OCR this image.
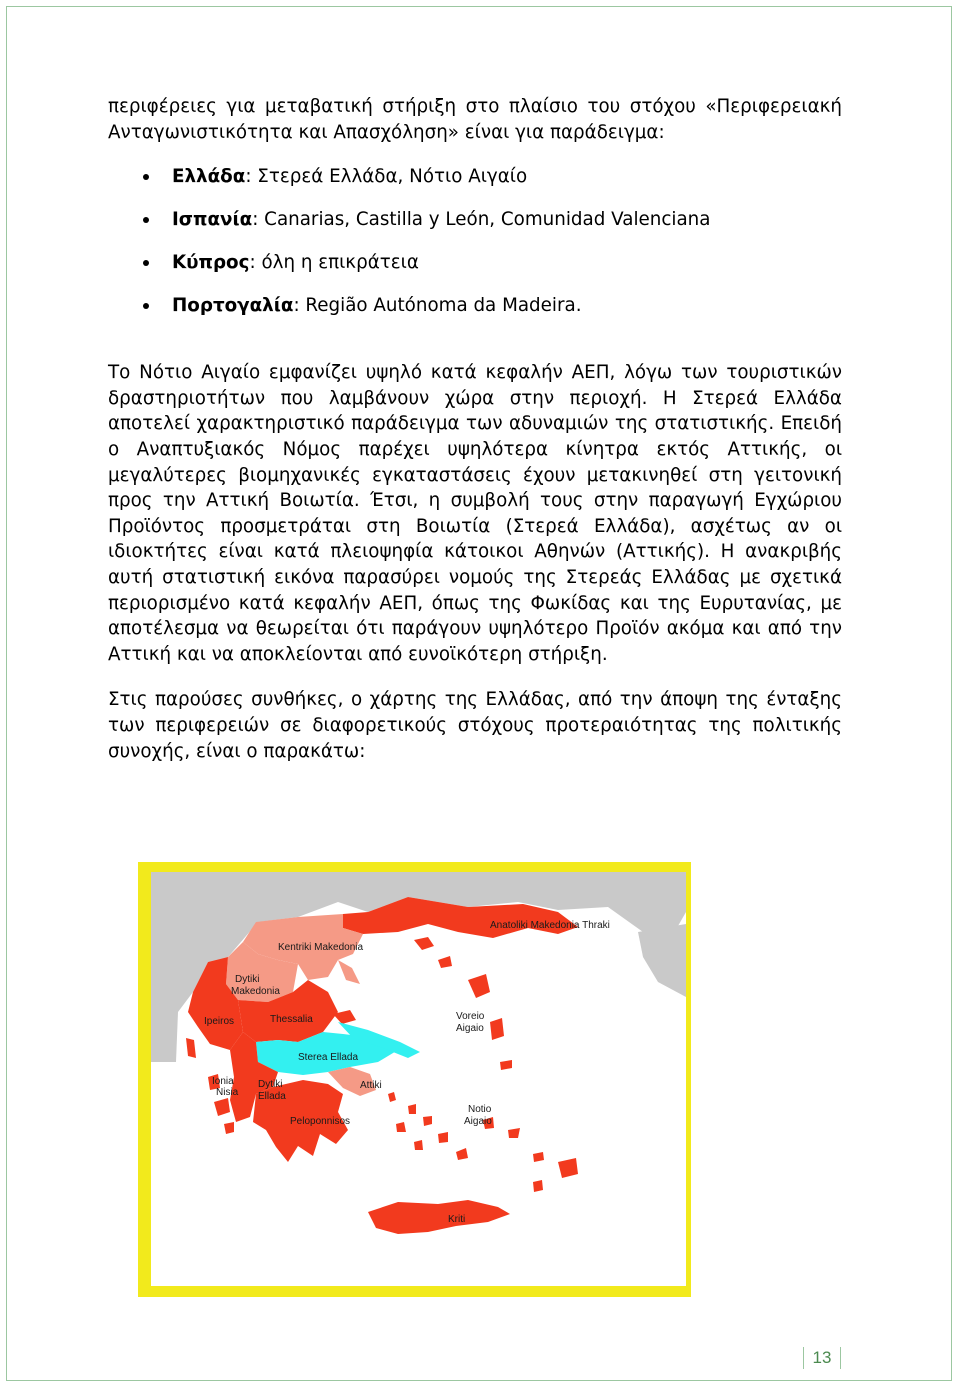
περιφέρειες για μεταβατική στήριξη στο πλαίσιο του στόχου «Περιφερειακή Ανταγωνιστικότητα και Απασχόληση» είναι για παράδειγμα:

Ελλάδα: Στερεά Ελλάδα, Νότιο Αιγαίο
Ισπανία: Canarias, Castilla y León, Comunidad Valenciana
Κύπρος: όλη η επικράτεια
Πορτογαλία: Região Autónoma da Madeira.

Το Νότιο Αιγαίο εμφανίζει υψηλό κατά κεφαλήν ΑΕΠ, λόγω των τουριστικών δραστηριοτήτων που λαμβάνουν χώρα στην περιοχή. Η Στερεά Ελλάδα αποτελεί χαρακτηριστικό παράδειγμα των αδυναμιών της στατιστικής. Επειδή ο Αναπτυξιακός Νόμος παρέχει υψηλότερα κίνητρα εκτός Αττικής, οι μεγαλύτερες βιομηχανικές εγκαταστάσεις έχουν μετακινηθεί στη γειτονική προς την Αττική Βοιωτία. Έτσι, η συμβολή τους στην παραγωγή Εγχώριου Προϊόντος προσμετράται στη Βοιωτία (Στερεά Ελλάδα), ασχέτως αν οι ιδιοκτήτες είναι κατά πλειοψηφία κάτοικοι Αθηνών (Αττικής). Η ανακριβής αυτή στατιστική εικόνα παρασύρει νομούς της Στερεάς Ελλάδας με σχετικά περιορισμένο κατά κεφαλήν ΑΕΠ, όπως της Φωκίδας και της Ευρυτανίας, με αποτέλεσμα να θεωρείται ότι παράγουν υψηλότερο Προϊόν ακόμα και από την Αττική και να αποκλείονται από ευνοϊκότερη στήριξη.

Στις παρούσες συνθήκες, ο χάρτης της Ελλάδας, από την άποψη της ένταξης των περιφερειών σε διαφορετικούς στόχους προτεραιότητας της πολιτικής συνοχής, είναι ο παρακάτω:

Anatoliki Makedonia Thraki
Kentriki Makedonia
Dytiki
Makedonia
Ipeiros	Thessalia	Voreio
Aigaio
Sterea Ellada
Ionia
Nisia
Dytiki
Ellada
Attiki
Notio
Aigaio
Peloponnisos
Kriti
13
